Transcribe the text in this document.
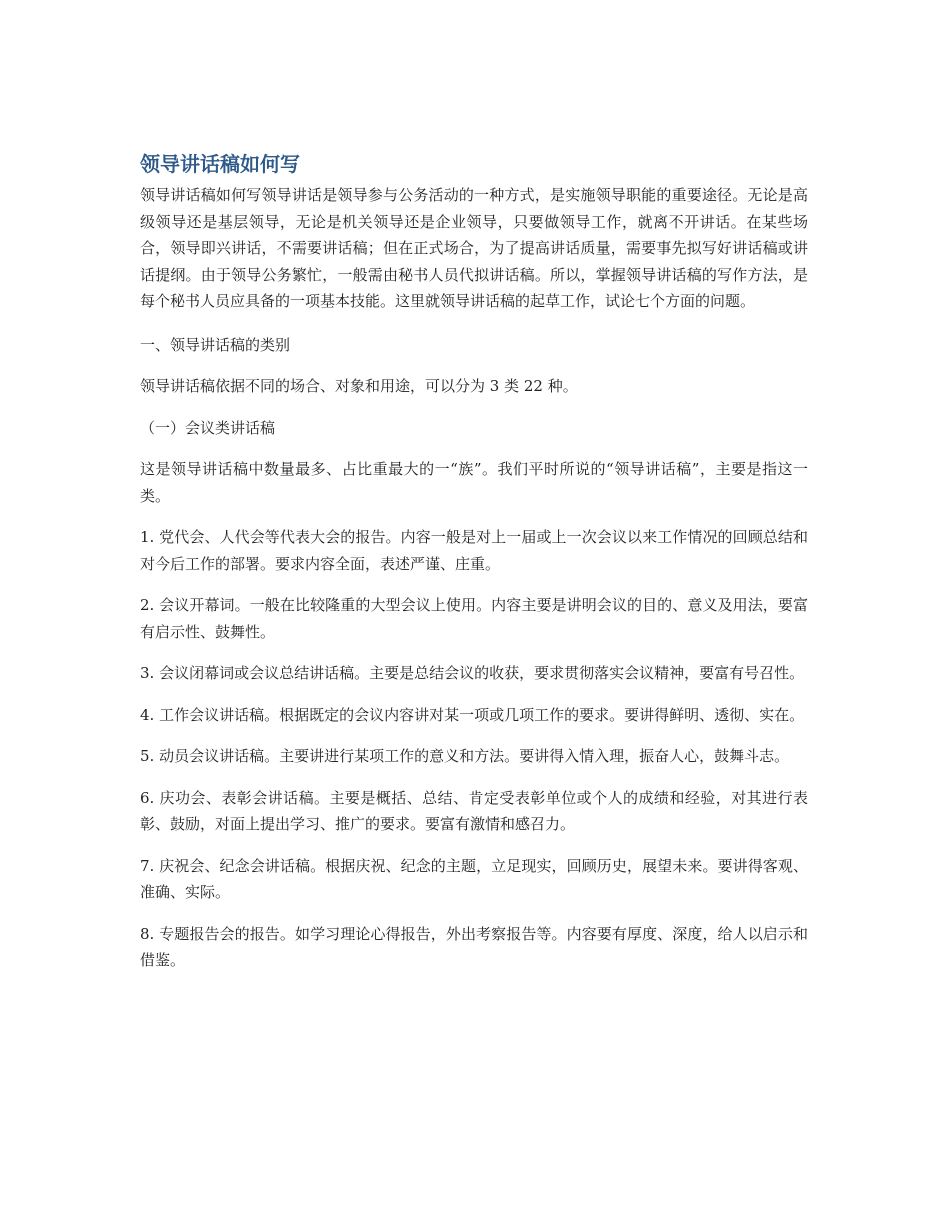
领导讲话稿如何写

领导讲话稿如何写领导讲话是领导参与公务活动的一种方式，是实施领导职能的重要途径。无论是高级领导还是基层领导，无论是机关领导还是企业领导，只要做领导工作，就离不开讲话。在某些场合，领导即兴讲话，不需要讲话稿；但在正式场合，为了提高讲话质量，需要事先拟写好讲话稿或讲话提纲。由于领导公务繁忙，一般需由秘书人员代拟讲话稿。所以，掌握领导讲话稿的写作方法，是每个秘书人员应具备的一项基本技能。这里就领导讲话稿的起草工作，试论七个方面的问题。

一、领导讲话稿的类别

领导讲话稿依据不同的场合、对象和用途，可以分为 3 类 22 种。

（一）会议类讲话稿

这是领导讲话稿中数量最多、占比重最大的一“族”。我们平时所说的“领导讲话稿”，主要是指这一类。

1. 党代会、人代会等代表大会的报告。内容一般是对上一届或上一次会议以来工作情况的回顾总结和对今后工作的部署。要求内容全面，表述严谨、庄重。

2. 会议开幕词。一般在比较隆重的大型会议上使用。内容主要是讲明会议的目的、意义及用法，要富有启示性、鼓舞性。

3. 会议闭幕词或会议总结讲话稿。主要是总结会议的收获，要求贯彻落实会议精神，要富有号召性。

4. 工作会议讲话稿。根据既定的会议内容讲对某一项或几项工作的要求。要讲得鲜明、透彻、实在。

5. 动员会议讲话稿。主要讲进行某项工作的意义和方法。要讲得入情入理，振奋人心，鼓舞斗志。

6. 庆功会、表彰会讲话稿。主要是概括、总结、肯定受表彰单位或个人的成绩和经验，对其进行表彰、鼓励，对面上提出学习、推广的要求。要富有激情和感召力。

7. 庆祝会、纪念会讲话稿。根据庆祝、纪念的主题，立足现实，回顾历史，展望未来。要讲得客观、准确、实际。

8. 专题报告会的报告。如学习理论心得报告，外出考察报告等。内容要有厚度、深度，给人以启示和借鉴。
